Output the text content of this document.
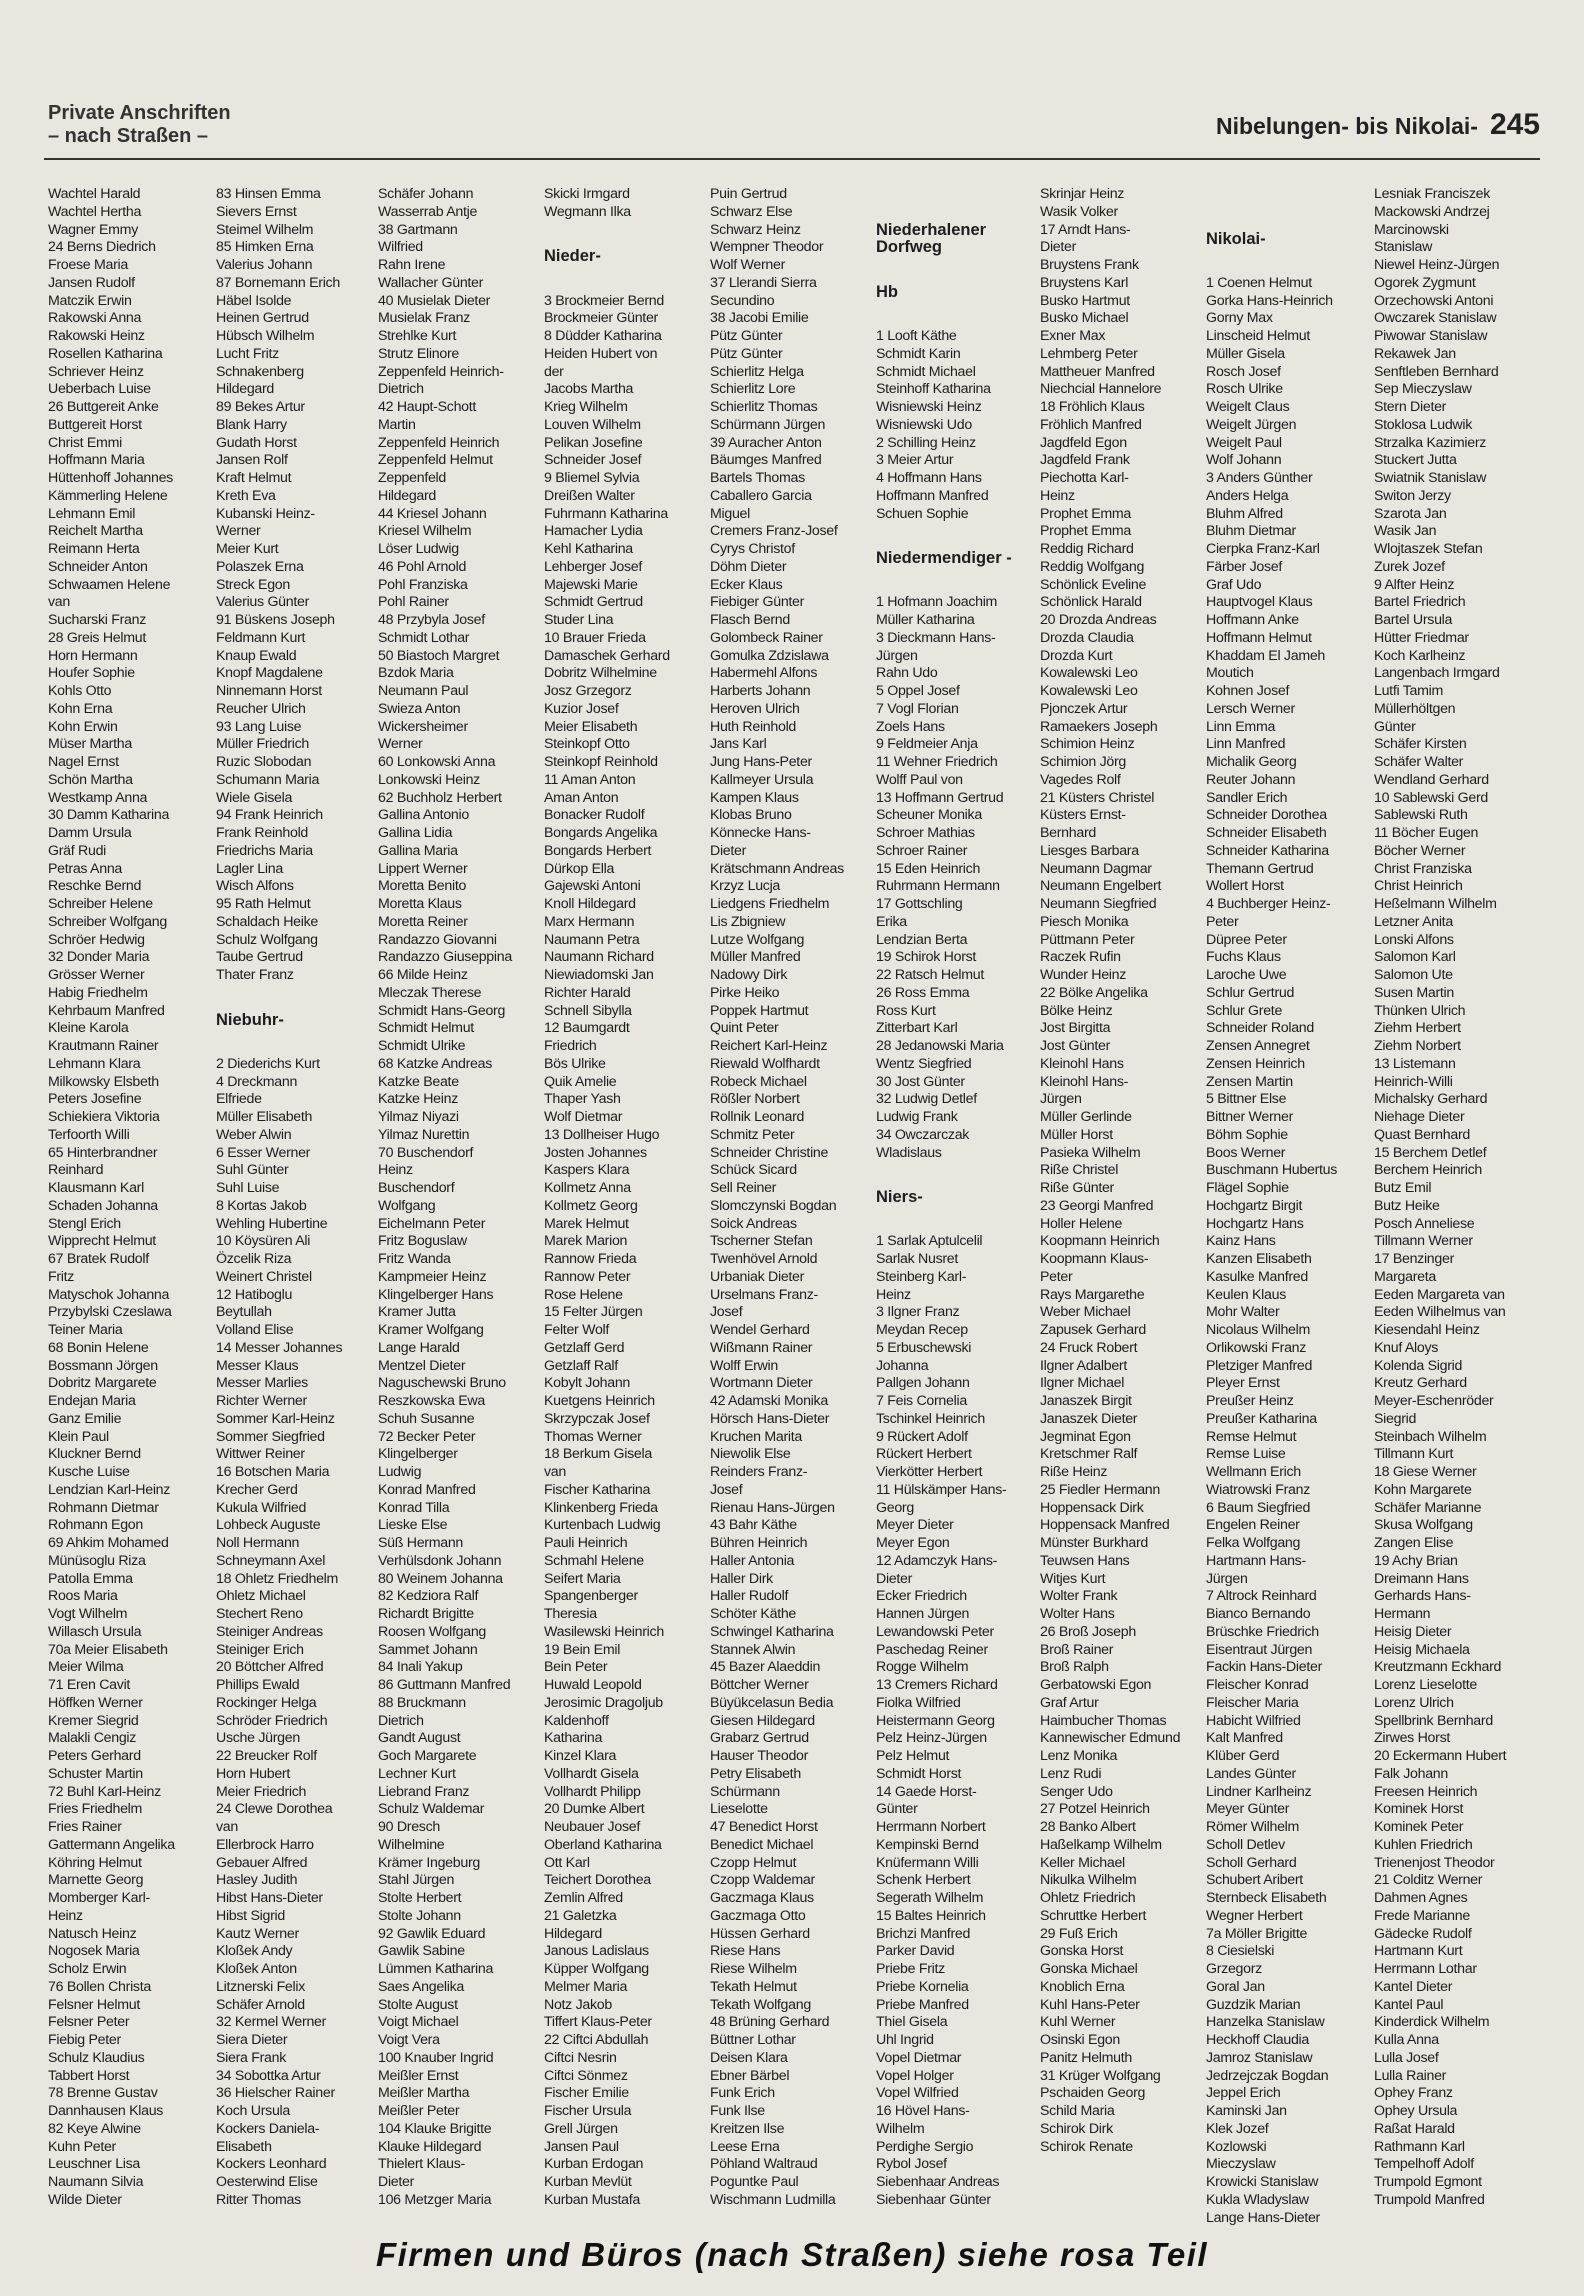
Private Anschriften
– nach Straßen –	Nibelungen- bis Nikolai- 245
Wachtel Harald
Wachtel Hertha
Wagner Emmy
24 Berns Diedrich
Froese Maria
Jansen Rudolf
Matczik Erwin
Rakowski Anna
Rakowski Heinz
Rosellen Katharina
Schriever Heinz
Ueberbach Luise
26 Buttgereit Anke
Buttgereit Horst
Christ Emmi
Hoffmann Maria
Hüttenhoff Johannes
Kämmerling Helene
Lehmann Emil
Reichelt Martha
Reimann Herta
Schneider Anton
Schwaamen Helene
van
Sucharski Franz
28 Greis Helmut
Horn Hermann
Houfer Sophie
Kohls Otto
Kohn Erna
Kohn Erwin
Müser Martha
Nagel Ernst
Schön Martha
Westkamp Anna
30 Damm Katharina
Damm Ursula
Gräf Rudi
Petras Anna
Reschke Bernd
Schreiber Helene
Schreiber Wolfgang
Schröer Hedwig
32 Donder Maria
Grösser Werner
Habig Friedhelm
Kehrbaum Manfred
Kleine Karola
Krautmann Rainer
Lehmann Klara
Milkowsky Elsbeth
Peters Josefine
Schiekiera Viktoria
Terfoorth Willi
65 Hinterbrandner
Reinhard
Klausmann Karl
Schaden Johanna
Stengl Erich
Wipprecht Helmut
67 Bratek Rudolf
Fritz
Matyschok Johanna
Przybylski Czeslawa
Teiner Maria
68 Bonin Helene
Bossmann Jörgen
Dobritz Margarete
Endejan Maria
Ganz Emilie
Klein Paul
Kluckner Bernd
Kusche Luise
Lendzian Karl-Heinz
Rohmann Dietmar
Rohmann Egon
69 Ahkim Mohamed
Münüsoglu Riza
Patolla Emma
Roos Maria
Vogt Wilhelm
Willasch Ursula
70a Meier Elisabeth
Meier Wilma
71 Eren Cavit
Höffken Werner
Kremer Siegrid
Malakli Cengiz
Peters Gerhard
Schuster Martin
72 Buhl Karl-Heinz
Fries Friedhelm
Fries Rainer
Gattermann Angelika
Köhring Helmut
Marnette Georg
Momberger Karl-
Heinz
Natusch Heinz
Nogosek Maria
Scholz Erwin
76 Bollen Christa
Felsner Helmut
Felsner Peter
Fiebig Peter
Schulz Klaudius
Tabbert Horst
78 Brenne Gustav
Dannhausen Klaus
82 Keye Alwine
Kuhn Peter
Leuschner Lisa
Naumann Silvia
Wilde Dieter
83 Hinsen Emma
Sievers Ernst
Steimel Wilhelm
85 Himken Erna
Valerius Johann
87 Bornemann Erich
Häbel Isolde
Heinen Gertrud
Hübsch Wilhelm
Lucht Fritz
Schnakenberg
Hildegard
89 Bekes Artur
Blank Harry
Gudath Horst
Jansen Rolf
Kraft Helmut
Kreth Eva
Kubanski Heinz-
Werner
Meier Kurt
Polaszek Erna
Streck Egon
Valerius Günter
91 Büskens Joseph
Feldmann Kurt
Knaup Ewald
Knopf Magdalene
Ninnemann Horst
Reucher Ulrich
93 Lang Luise
Müller Friedrich
Ruzic Slobodan
Schumann Maria
Wiele Gisela
94 Frank Heinrich
Frank Reinhold
Friedrichs Maria
Lagler Lina
Wisch Alfons
95 Rath Helmut
Schaldach Heike
Schulz Wolfgang
Taube Gertrud
Thater Franz
Niebuhr-
2 Diederichs Kurt
4 Dreckmann
Elfriede
Müller Elisabeth
Weber Alwin
6 Esser Werner
Suhl Günter
Suhl Luise
8 Kortas Jakob
Wehling Hubertine
10 Köysüren Ali
Özcelik Riza
Weinert Christel
12 Hatiboglu
Beytullah
Volland Elise
14 Messer Johannes
Messer Klaus
Messer Marlies
Richter Werner
Sommer Karl-Heinz
Sommer Siegfried
Wittwer Reiner
16 Botschen Maria
Krecher Gerd
Kukula Wilfried
Lohbeck Auguste
Noll Hermann
Schneymann Axel
18 Ohletz Friedhelm
Ohletz Michael
Stechert Reno
Steiniger Andreas
Steiniger Erich
20 Böttcher Alfred
Phillips Ewald
Rockinger Helga
Schröder Friedrich
Usche Jürgen
22 Breucker Rolf
Horn Hubert
Meier Friedrich
24 Clewe Dorothea
van
Ellerbrock Harro
Gebauer Alfred
Hasley Judith
Hibst Hans-Dieter
Hibst Sigrid
Kautz Werner
Kloßek Andy
Kloßek Anton
Litznerski Felix
Schäfer Arnold
32 Kermel Werner
Siera Dieter
Siera Frank
34 Sobottka Artur
36 Hielscher Rainer
Koch Ursula
Kockers Daniela-
Elisabeth
Kockers Leonhard
Oesterwind Elise
Ritter Thomas
Schäfer Johann
Wasserrab Antje
38 Gartmann
Wilfried
Rahn Irene
Wallacher Günter
40 Musielak Dieter
Musielak Franz
Strehlke Kurt
Strutz Elinore
Zeppenfeld Heinrich-
Dietrich
42 Haupt-Schott
Martin
Zeppenfeld Heinrich
Zeppenfeld Helmut
Zeppenfeld
Hildegard
44 Kriesel Johann
Kriesel Wilhelm
Löser Ludwig
46 Pohl Arnold
Pohl Franziska
Pohl Rainer
48 Przybyla Josef
Schmidt Lothar
50 Biastoch Margret
Bzdok Maria
Neumann Paul
Swieza Anton
Wickersheimer
Werner
60 Lonkowski Anna
Lonkowski Heinz
62 Buchholz Herbert
Gallina Antonio
Gallina Lidia
Gallina Maria
Lippert Werner
Moretta Benito
Moretta Klaus
Moretta Reiner
Randazzo Giovanni
Randazzo Giuseppina
66 Milde Heinz
Mleczak Therese
Schmidt Hans-Georg
Schmidt Helmut
Schmidt Ulrike
68 Katzke Andreas
Katzke Beate
Katzke Heinz
Yilmaz Niyazi
Yilmaz Nurettin
70 Buschendorf
Heinz
Buschendorf
Wolfgang
Eichelmann Peter
Fritz Boguslaw
Fritz Wanda
Kampmeier Heinz
Klingelberger Hans
Kramer Jutta
Kramer Wolfgang
Lange Harald
Mentzel Dieter
Naguschewski Bruno
Reszkowska Ewa
Schuh Susanne
72 Becker Peter
Klingelberger
Ludwig
Konrad Manfred
Konrad Tilla
Lieske Else
Süß Hermann
Verhülsdonk Johann
80 Weinem Johanna
82 Kedziora Ralf
Richardt Brigitte
Roosen Wolfgang
Sammet Johann
84 Inali Yakup
86 Guttmann Manfred
88 Bruckmann
Dietrich
Gandt August
Goch Margarete
Lechner Kurt
Liebrand Franz
Schulz Waldemar
90 Dresch
Wilhelmine
Krämer Ingeburg
Stahl Jürgen
Stolte Herbert
Stolte Johann
92 Gawlik Eduard
Gawlik Sabine
Lümmen Katharina
Saes Angelika
Stolte August
Voigt Michael
Voigt Vera
100 Knauber Ingrid
Meißler Ernst
Meißler Martha
Meißler Peter
104 Klauke Brigitte
Klauke Hildegard
Thielert Klaus-
Dieter
106 Metzger Maria
Skicki Irmgard
Wegmann Ilka
Nieder-
3 Brockmeier Bernd
Brockmeier Günter
8 Düdder Katharina
Heiden Hubert von
der
Jacobs Martha
Krieg Wilhelm
Louven Wilhelm
Pelikan Josefine
Schneider Josef
9 Bliemel Sylvia
Dreißen Walter
Fuhrmann Katharina
Hamacher Lydia
Kehl Katharina
Lehberger Josef
Majewski Marie
Schmidt Gertrud
Studer Lina
10 Brauer Frieda
Damaschek Gerhard
Dobritz Wilhelmine
Josz Grzegorz
Kuzior Josef
Meier Elisabeth
Steinkopf Otto
Steinkopf Reinhold
11 Aman Anton
Aman Anton
Bonacker Rudolf
Bongards Angelika
Bongards Herbert
Dürkop Ella
Gajewski Antoni
Knoll Hildegard
Marx Hermann
Naumann Petra
Naumann Richard
Niewiadomski Jan
Richter Harald
Schnell Sibylla
12 Baumgardt
Friedrich
Bös Ulrike
Quik Amelie
Thaper Yash
Wolf Dietmar
13 Dollheiser Hugo
Josten Johannes
Kaspers Klara
Kollmetz Anna
Kollmetz Georg
Marek Helmut
Marek Marion
Rannow Frieda
Rannow Peter
Rose Helene
15 Felter Jürgen
Felter Wolf
Getzlaff Gerd
Getzlaff Ralf
Kobylt Johann
Kuetgens Heinrich
Skrzypczak Josef
Thomas Werner
18 Berkum Gisela
van
Fischer Katharina
Klinkenberg Frieda
Kurtenbach Ludwig
Pauli Heinrich
Schmahl Helene
Seifert Maria
Spangenberger
Theresia
Wasilewski Heinrich
19 Bein Emil
Bein Peter
Huwald Leopold
Jerosimic Dragoljub
Kaldenhoff
Katharina
Kinzel Klara
Vollhardt Gisela
Vollhardt Philipp
20 Dumke Albert
Neubauer Josef
Oberland Katharina
Ott Karl
Teichert Dorothea
Zemlin Alfred
21 Galetzka
Hildegard
Janous Ladislaus
Küpper Wolfgang
Melmer Maria
Notz Jakob
Tiffert Klaus-Peter
22 Ciftci Abdullah
Ciftci Nesrin
Ciftci Sönmez
Fischer Emilie
Fischer Ursula
Grell Jürgen
Jansen Paul
Kurban Erdogan
Kurban Mevlüt
Kurban Mustafa
Puin Gertrud
Schwarz Else
Schwarz Heinz
Wempner Theodor
Wolf Werner
37 Llerandi Sierra
Secundino
38 Jacobi Emilie
Pütz Günter
Pütz Günter
Schierlitz Helga
Schierlitz Lore
Schierlitz Thomas
Schürmann Jürgen
39 Auracher Anton
Bäumges Manfred
Bartels Thomas
Caballero Garcia
Miguel
Cremers Franz-Josef
Cyrys Christof
Döhm Dieter
Ecker Klaus
Fiebiger Günter
Flasch Bernd
Golombeck Rainer
Gomulka Zdzislawa
Habermehl Alfons
Harberts Johann
Heroven Ulrich
Huth Reinhold
Jans Karl
Jung Hans-Peter
Kallmeyer Ursula
Kampen Klaus
Klobas Bruno
Könnecke Hans-
Dieter
Krätschmann Andreas
Krzyz Lucja
Liedgens Friedhelm
Lis Zbigniew
Lutze Wolfgang
Müller Manfred
Nadowy Dirk
Pirke Heiko
Poppek Hartmut
Quint Peter
Reichert Karl-Heinz
Riewald Wolfhardt
Robeck Michael
Rößler Norbert
Rollnik Leonard
Schmitz Peter
Schneider Christine
Schück Sicard
Sell Reiner
Slomczynski Bogdan
Soick Andreas
Tscherner Stefan
Twenhövel Arnold
Urbaniak Dieter
Urselmans Franz-
Josef
Wendel Gerhard
Wißmann Rainer
Wolff Erwin
Wortmann Dieter
42 Adamski Monika
Hörsch Hans-Dieter
Kruchen Marita
Niewolik Else
Reinders Franz-
Josef
Rienau Hans-Jürgen
43 Bahr Käthe
Bühren Heinrich
Haller Antonia
Haller Dirk
Haller Rudolf
Schöter Käthe
Schwingel Katharina
Stannek Alwin
45 Bazer Alaeddin
Böttcher Werner
Büyükcelasun Bedia
Giesen Hildegard
Grabarz Gertrud
Hauser Theodor
Petry Elisabeth
Schürmann
Lieselotte
47 Benedict Horst
Benedict Michael
Czopp Helmut
Czopp Waldemar
Gaczmaga Klaus
Gaczmaga Otto
Hüssen Gerhard
Riese Hans
Riese Wilhelm
Tekath Helmut
Tekath Wolfgang
48 Brüning Gerhard
Büttner Lothar
Deisen Klara
Ebner Bärbel
Funk Erich
Funk Ilse
Kreitzen Ilse
Leese Erna
Pöhland Waltraud
Poguntke Paul
Wischmann Ludmilla
Niederhalener
Dorfweg
Hb
1 Looft Käthe
Schmidt Karin
Schmidt Michael
Steinhoff Katharina
Wisniewski Heinz
Wisniewski Udo
2 Schilling Heinz
3 Meier Artur
4 Hoffmann Hans
Hoffmann Manfred
Schuen Sophie
Niedermendiger -
1 Hofmann Joachim
Müller Katharina
3 Dieckmann Hans-
Jürgen
Rahn Udo
5 Oppel Josef
7 Vogl Florian
Zoels Hans
9 Feldmeier Anja
11 Wehner Friedrich
Wolff Paul von
13 Hoffmann Gertrud
Scheuner Monika
Schroer Mathias
Schroer Rainer
15 Eden Heinrich
Ruhrmann Hermann
17 Gottschling
Erika
Lendzian Berta
19 Schirok Horst
22 Ratsch Helmut
26 Ross Emma
Ross Kurt
Zitterbart Karl
28 Jedanowski Maria
Wentz Siegfried
30 Jost Günter
32 Ludwig Detlef
Ludwig Frank
34 Owczarczak
Wladislaus
Niers-
1 Sarlak Aptulcelil
Sarlak Nusret
Steinberg Karl-
Heinz
3 Ilgner Franz
Meydan Recep
5 Erbuschewski
Johanna
Pallgen Johann
7 Feis Cornelia
Tschinkel Heinrich
9 Rückert Adolf
Rückert Herbert
Vierkötter Herbert
11 Hülskämper Hans-
Georg
Meyer Dieter
Meyer Egon
12 Adamczyk Hans-
Dieter
Ecker Friedrich
Hannen Jürgen
Lewandowski Peter
Paschedag Reiner
Rogge Wilhelm
13 Cremers Richard
Fiolka Wilfried
Heistermann Georg
Pelz Heinz-Jürgen
Pelz Helmut
Schmidt Horst
14 Gaede Horst-
Günter
Herrmann Norbert
Kempinski Bernd
Knüfermann Willi
Schenk Herbert
Segerath Wilhelm
15 Baltes Heinrich
Brichzi Manfred
Parker David
Priebe Fritz
Priebe Kornelia
Priebe Manfred
Thiel Gisela
Uhl Ingrid
Vopel Dietmar
Vopel Holger
Vopel Wilfried
16 Hövel Hans-
Wilhelm
Perdighe Sergio
Rybol Josef
Siebenhaar Andreas
Siebenhaar Günter
Skrinjar Heinz
Wasik Volker
17 Arndt Hans-
Dieter
Bruystens Frank
Bruystens Karl
Busko Hartmut
Busko Michael
Exner Max
Lehmberg Peter
Mattheuer Manfred
Niechcial Hannelore
18 Fröhlich Klaus
Fröhlich Manfred
Jagdfeld Egon
Jagdfeld Frank
Piechotta Karl-
Heinz
Prophet Emma
Prophet Emma
Reddig Richard
Reddig Wolfgang
Schönlick Eveline
Schönlick Harald
20 Drozda Andreas
Drozda Claudia
Drozda Kurt
Kowalewski Leo
Kowalewski Leo
Pjonczek Artur
Ramaekers Joseph
Schimion Heinz
Schimion Jörg
Vagedes Rolf
21 Küsters Christel
Küsters Ernst-
Bernhard
Liesges Barbara
Neumann Dagmar
Neumann Engelbert
Neumann Siegfried
Piesch Monika
Püttmann Peter
Raczek Rufin
Wunder Heinz
22 Bölke Angelika
Bölke Heinz
Jost Birgitta
Jost Günter
Kleinohl Hans
Kleinohl Hans-
Jürgen
Müller Gerlinde
Müller Horst
Pasieka Wilhelm
Riße Christel
Riße Günter
23 Georgi Manfred
Holler Helene
Koopmann Heinrich
Koopmann Klaus-
Peter
Rays Margarethe
Weber Michael
Zapusek Gerhard
24 Fruck Robert
Ilgner Adalbert
Ilgner Michael
Janaszek Birgit
Janaszek Dieter
Jegminat Egon
Kretschmer Ralf
Riße Heinz
25 Fiedler Hermann
Hoppensack Dirk
Hoppensack Manfred
Münster Burkhard
Teuwsen Hans
Witjes Kurt
Wolter Frank
Wolter Hans
26 Broß Joseph
Broß Rainer
Broß Ralph
Gerbatowski Egon
Graf Artur
Haimbucher Thomas
Kannewischer Edmund
Lenz Monika
Lenz Rudi
Senger Udo
27 Potzel Heinrich
28 Banko Albert
Haßelkamp Wilhelm
Keller Michael
Nikulka Wilhelm
Ohletz Friedrich
Schruttke Herbert
29 Fuß Erich
Gonska Horst
Gonska Michael
Knoblich Erna
Kuhl Hans-Peter
Kuhl Werner
Osinski Egon
Panitz Helmuth
31 Krüger Wolfgang
Pschaiden Georg
Schild Maria
Schirok Dirk
Schirok Renate
Nikolai-
1 Coenen Helmut
Gorka Hans-Heinrich
Gorny Max
Linscheid Helmut
Müller Gisela
Rosch Josef
Rosch Ulrike
Weigelt Claus
Weigelt Jürgen
Weigelt Paul
Wolf Johann
3 Anders Günther
Anders Helga
Bluhm Alfred
Bluhm Dietmar
Cierpka Franz-Karl
Färber Josef
Graf Udo
Hauptvogel Klaus
Hoffmann Anke
Hoffmann Helmut
Khaddam El Jameh
Moutich
Kohnen Josef
Lersch Werner
Linn Emma
Linn Manfred
Michalik Georg
Reuter Johann
Sandler Erich
Schneider Dorothea
Schneider Elisabeth
Schneider Katharina
Themann Gertrud
Wollert Horst
4 Buchberger Heinz-
Peter
Düpree Peter
Fuchs Klaus
Laroche Uwe
Schlur Gertrud
Schlur Grete
Schneider Roland
Zensen Annegret
Zensen Heinrich
Zensen Martin
5 Bittner Else
Bittner Werner
Böhm Sophie
Boos Werner
Buschmann Hubertus
Flägel Sophie
Hochgartz Birgit
Hochgartz Hans
Kainz Hans
Kanzen Elisabeth
Kasulke Manfred
Keulen Klaus
Mohr Walter
Nicolaus Wilhelm
Orlikowski Franz
Pletziger Manfred
Pleyer Ernst
Preußer Heinz
Preußer Katharina
Remse Helmut
Remse Luise
Wellmann Erich
Wiatrowski Franz
6 Baum Siegfried
Engelen Reiner
Felka Wolfgang
Hartmann Hans-
Jürgen
7 Altrock Reinhard
Bianco Bernando
Brüschke Friedrich
Eisentraut Jürgen
Fackin Hans-Dieter
Fleischer Konrad
Fleischer Maria
Habicht Wilfried
Kalt Manfred
Klüber Gerd
Landes Günter
Lindner Karlheinz
Meyer Günter
Römer Wilhelm
Scholl Detlev
Scholl Gerhard
Schubert Aribert
Sternbeck Elisabeth
Wegner Herbert
7a Möller Brigitte
8 Ciesielski
Grzegorz
Goral Jan
Guzdzik Marian
Hanzelka Stanislaw
Heckhoff Claudia
Jamroz Stanislaw
Jedrzejczak Bogdan
Jeppel Erich
Kaminski Jan
Klek Jozef
Kozlowski
Mieczyslaw
Krowicki Stanislaw
Kukla Wladyslaw
Lange Hans-Dieter
Lesniak Franciszek
Mackowski Andrzej
Marcinowski
Stanislaw
Niewel Heinz-Jürgen
Ogorek Zygmunt
Orzechowski Antoni
Owczarek Stanislaw
Piwowar Stanislaw
Rekawek Jan
Senftleben Bernhard
Sep Mieczyslaw
Stern Dieter
Stoklosa Ludwik
Strzalka Kazimierz
Stuckert Jutta
Swiatnik Stanislaw
Switon Jerzy
Szarota Jan
Wasik Jan
Wlojtaszek Stefan
Zurek Jozef
9 Alfter Heinz
Bartel Friedrich
Bartel Ursula
Hütter Friedmar
Koch Karlheinz
Langenbach Irmgard
Lutfi Tamim
Müllerhöltgen
Günter
Schäfer Kirsten
Schäfer Walter
Wendland Gerhard
10 Sablewski Gerd
Sablewski Ruth
11 Böcher Eugen
Böcher Werner
Christ Franziska
Christ Heinrich
Heßelmann Wilhelm
Letzner Anita
Lonski Alfons
Salomon Karl
Salomon Ute
Susen Martin
Thünken Ulrich
Ziehm Herbert
Ziehm Norbert
13 Listemann
Heinrich-Willi
Michalsky Gerhard
Niehage Dieter
Quast Bernhard
15 Berchem Detlef
Berchem Heinrich
Butz Emil
Butz Heike
Posch Anneliese
Tillmann Werner
17 Benzinger
Margareta
Eeden Margareta van
Eeden Wilhelmus van
Kiesendahl Heinz
Knuf Aloys
Kolenda Sigrid
Kreutz Gerhard
Meyer-Eschenröder
Siegrid
Steinbach Wilhelm
Tillmann Kurt
18 Giese Werner
Kohn Margarete
Schäfer Marianne
Skusa Wolfgang
Zangen Elise
19 Achy Brian
Dreimann Hans
Gerhards Hans-
Hermann
Heisig Dieter
Heisig Michaela
Kreutzmann Eckhard
Lorenz Lieselotte
Lorenz Ulrich
Spellbrink Bernhard
Zirwes Horst
20 Eckermann Hubert
Falk Johann
Freesen Heinrich
Kominek Horst
Kominek Peter
Kuhlen Friedrich
Trienenjost Theodor
21 Colditz Werner
Dahmen Agnes
Frede Marianne
Gädecke Rudolf
Hartmann Kurt
Herrmann Lothar
Kantel Dieter
Kantel Paul
Kinderdick Wilhelm
Kulla Anna
Lulla Josef
Lulla Rainer
Ophey Franz
Ophey Ursula
Raßat Harald
Rathmann Karl
Tempelhoff Adolf
Trumpold Egmont
Trumpold Manfred
Firmen und Büros (nach Straßen) siehe rosa Teil
